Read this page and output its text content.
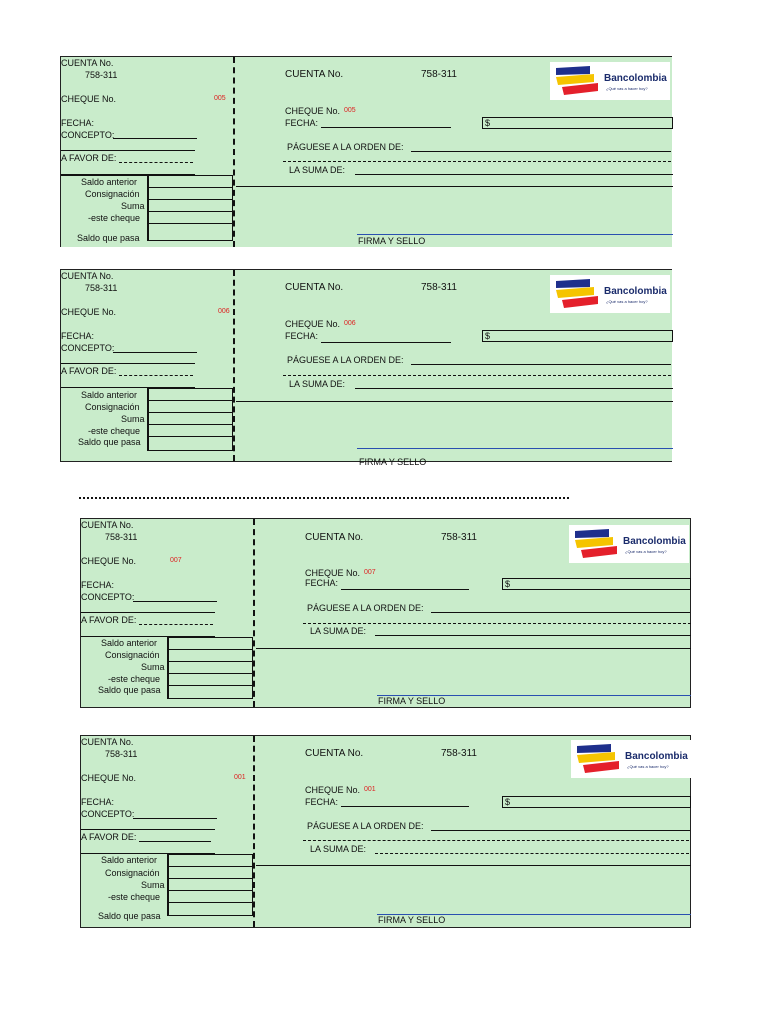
CUENTA No.
758-311
CHEQUE No.	005
FECHA:
CONCEPTO:
A FAVOR DE:
Saldo anterior
Consignación
Suma
-este cheque
Saldo que pasa
CUENTA No.	758-311	Bancolombia
¿Qué vas a hacer hoy?
CHEQUE No. 005
FECHA:	$
PÁGUESE A LA ORDEN DE:
LA SUMA DE:
FIRMA Y SELLO
CUENTA No.
758-311
CHEQUE No.	006
FECHA:
CONCEPTO:
A FAVOR DE:
Saldo anterior
Consignación
Suma
-este cheque
Saldo que pasa
CUENTA No.	758-311	Bancolombia
¿Qué vas a hacer hoy?
CHEQUE No. 006
FECHA:	$
PÁGUESE A LA ORDEN DE:
LA SUMA DE:
FIRMA Y SELLO
CUENTA No.
758-311
CHEQUE No.	007
FECHA:
CONCEPTO:
A FAVOR DE:
Saldo anterior
Consignación
Suma
-este cheque
Saldo que pasa
CUENTA No.	758-311	Bancolombia
¿Qué vas a hacer hoy?
CHEQUE No. 007
FECHA:	$
PÁGUESE A LA ORDEN DE:
LA SUMA DE:
FIRMA Y SELLO
CUENTA No.
758-311
CHEQUE No.	001
FECHA:
CONCEPTO:
A FAVOR DE:
Saldo anterior
Consignación
Suma
-este cheque
Saldo que pasa
CUENTA No.	758-311	Bancolombia
¿Qué vas a hacer hoy?
CHEQUE No. 001
FECHA:	$
PÁGUESE A LA ORDEN DE:
LA SUMA DE:
FIRMA Y SELLO
